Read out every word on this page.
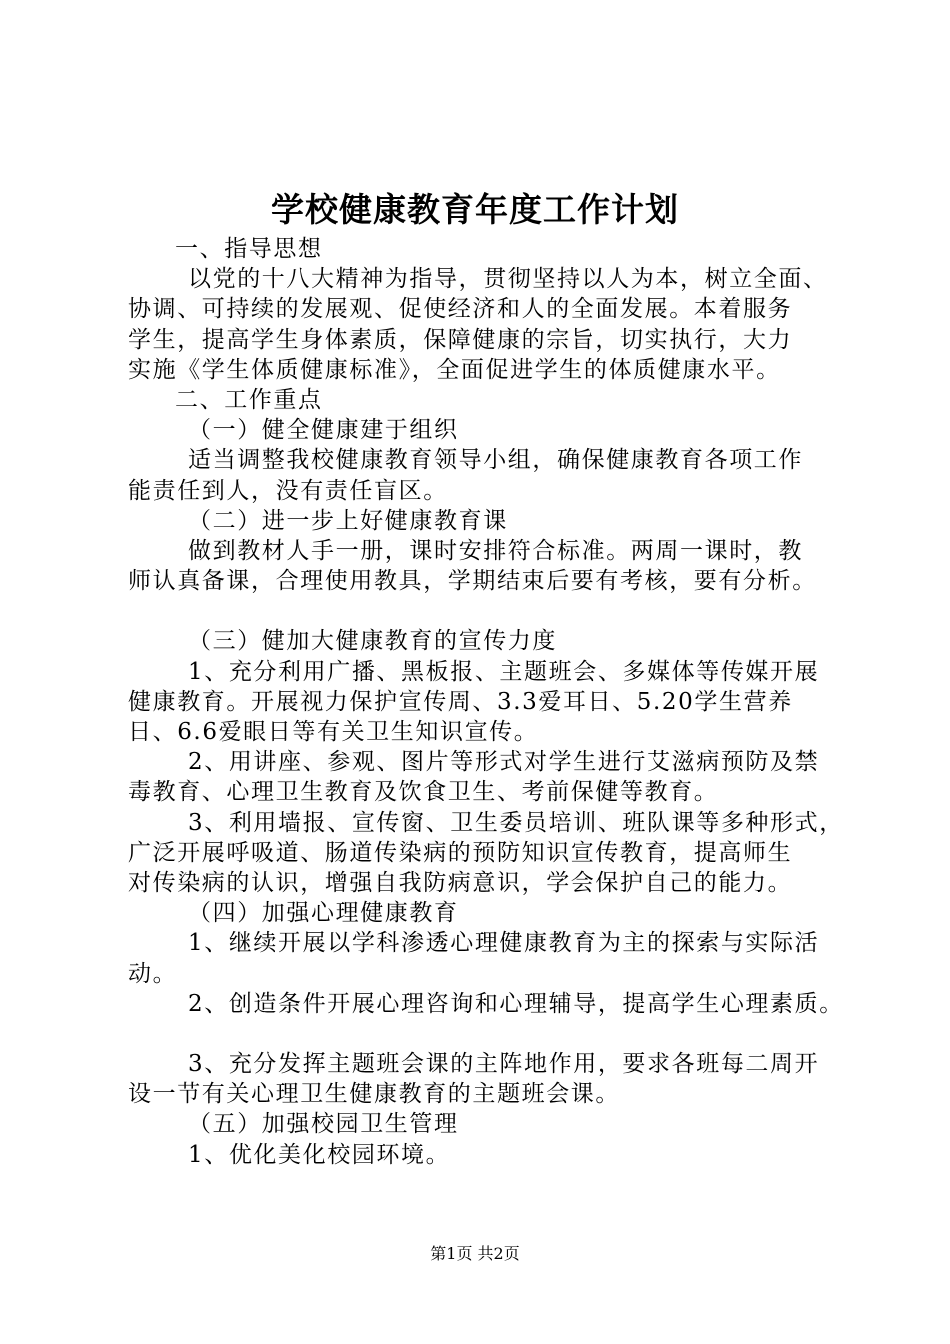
学校健康教育年度工作计划
一、指导思想
以党的十八大精神为指导，贯彻坚持以人为本，树立全面、
协调、可持续的发展观、促使经济和人的全面发展。本着服务
学生，提高学生身体素质，保障健康的宗旨，切实执行，大力
实施《学生体质健康标准》，全面促进学生的体质健康水平。
二、工作重点
（一）健全健康建于组织
适当调整我校健康教育领导小组，确保健康教育各项工作
能责任到人，没有责任盲区。
（二）进一步上好健康教育课
做到教材人手一册，课时安排符合标准。两周一课时，教
师认真备课，合理使用教具，学期结束后要有考核，要有分析。
（三）健加大健康教育的宣传力度
1、充分利用广播、黑板报、主题班会、多媒体等传媒开展
健康教育。开展视力保护宣传周、3.3爱耳日、5.20学生营养
日、6.6爱眼日等有关卫生知识宣传。
2、用讲座、参观、图片等形式对学生进行艾滋病预防及禁
毒教育、心理卫生教育及饮食卫生、考前保健等教育。
3、利用墙报、宣传窗、卫生委员培训、班队课等多种形式，
广泛开展呼吸道、肠道传染病的预防知识宣传教育，提高师生
对传染病的认识，增强自我防病意识，学会保护自己的能力。
（四）加强心理健康教育
1、继续开展以学科渗透心理健康教育为主的探索与实际活
动。
2、创造条件开展心理咨询和心理辅导，提高学生心理素质。
3、充分发挥主题班会课的主阵地作用，要求各班每二周开
设一节有关心理卫生健康教育的主题班会课。
（五）加强校园卫生管理
1、优化美化校园环境。
第1页 共2页
